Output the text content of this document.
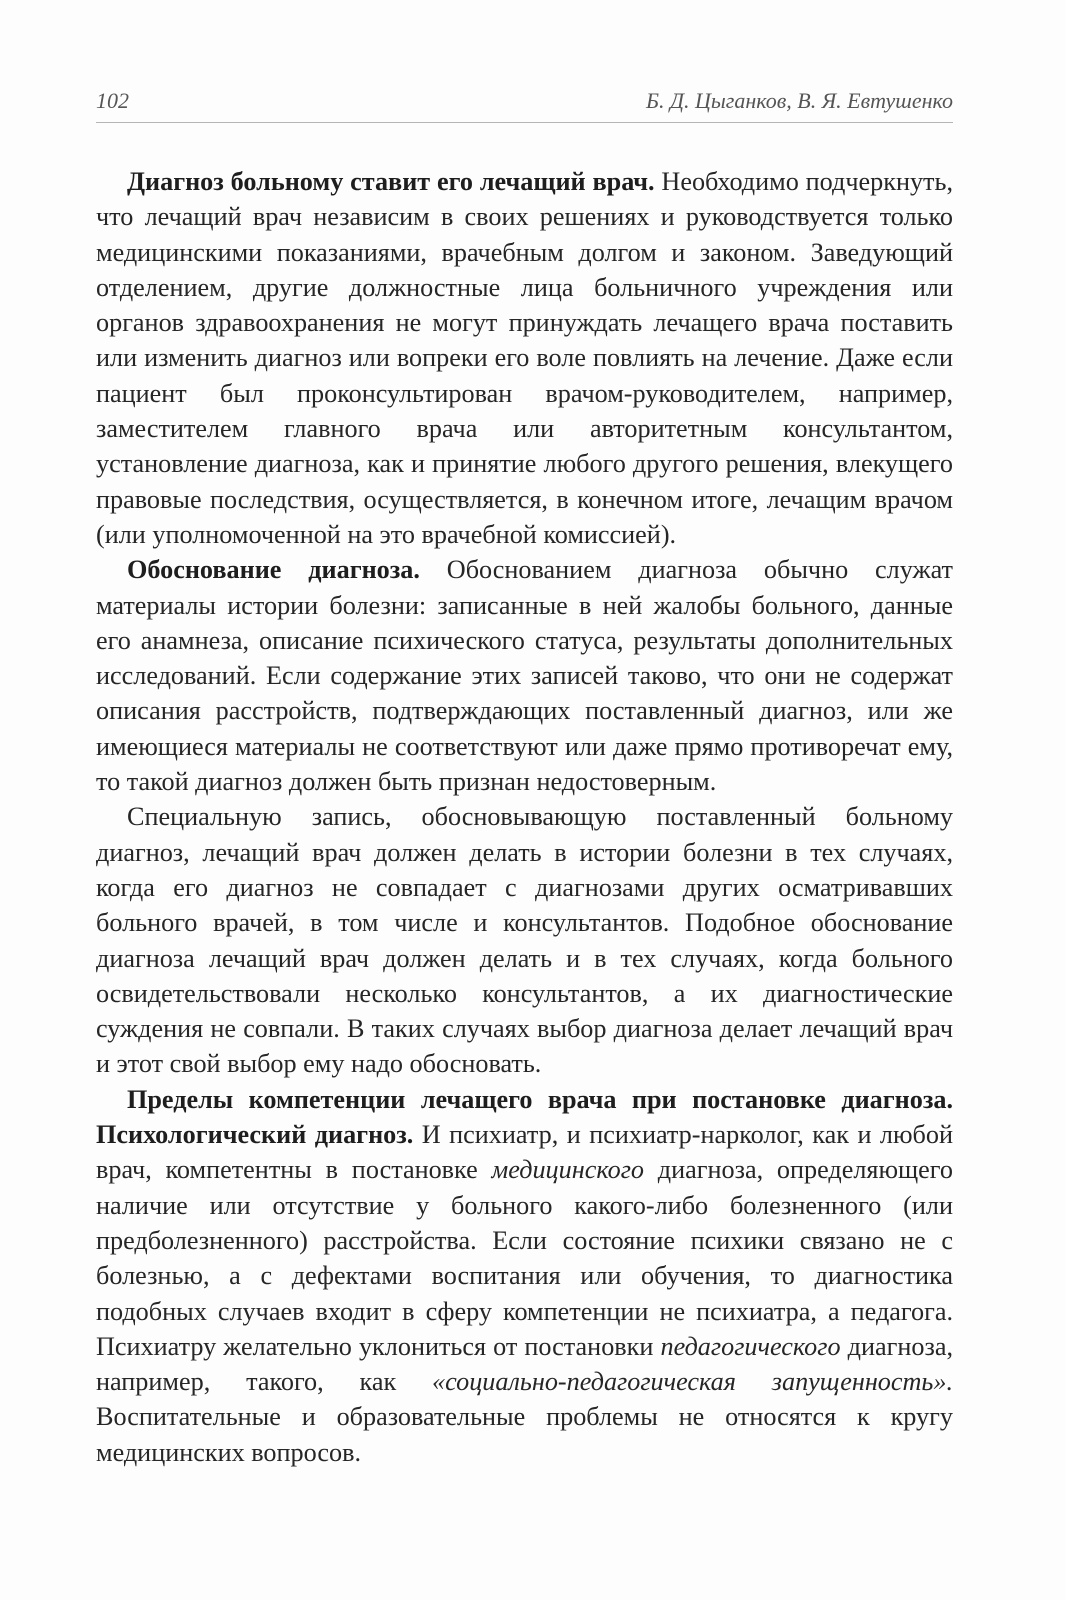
102	Б. Д. Цыганков, В. Я. Евтушенко

Диагноз больному ставит его лечащий врач. Необходимо подчеркнуть, что лечащий врач независим в своих решениях и руководствуется только медицинскими показаниями, врачебным долгом и законом. Заведующий отделением, другие должностные лица больничного учреждения или органов здравоохранения не могут принуждать лечащего врача поставить или изменить диагноз или вопреки его воле повлиять на лечение. Даже если пациент был проконсультирован врачом-руководителем, например, заместителем главного врача или авторитетным консультантом, установление диагноза, как и принятие любого другого решения, влекущего правовые последствия, осуществляется, в конечном итоге, лечащим врачом (или уполномоченной на это врачебной комиссией).

Обоснование диагноза. Обоснованием диагноза обычно служат материалы истории болезни: записанные в ней жалобы больного, данные его анамнеза, описание психического статуса, результаты дополнительных исследований. Если содержание этих записей таково, что они не содержат описания расстройств, подтверждающих поставленный диагноз, или же имеющиеся материалы не соответствуют или даже прямо противоречат ему, то такой диагноз должен быть признан недостоверным.

Специальную запись, обосновывающую поставленный больному диагноз, лечащий врач должен делать в истории болезни в тех случаях, когда его диагноз не совпадает с диагнозами других осматривавших больного врачей, в том числе и консультантов. Подобное обоснование диагноза лечащий врач должен делать и в тех случаях, когда больного освидетельствовали несколько консультантов, а их диагностические суждения не совпали. В таких случаях выбор диагноза делает лечащий врач и этот свой выбор ему надо обосновать.

Пределы компетенции лечащего врача при постановке диагноза. Психологический диагноз. И психиатр, и психиатр-нарколог, как и любой врач, компетентны в постановке медицинского диагноза, определяющего наличие или отсутствие у больного какого-либо болезненного (или предболезненного) расстройства. Если состояние психики связано не с болезнью, а с дефектами воспитания или обучения, то диагностика подобных случаев входит в сферу компетенции не психиатра, а педагога. Психиатру желательно уклониться от постановки педагогического диагноза, например, такого, как «социально-педагогическая запущенность». Воспитательные и образовательные проблемы не относятся к кругу медицинских вопросов.
